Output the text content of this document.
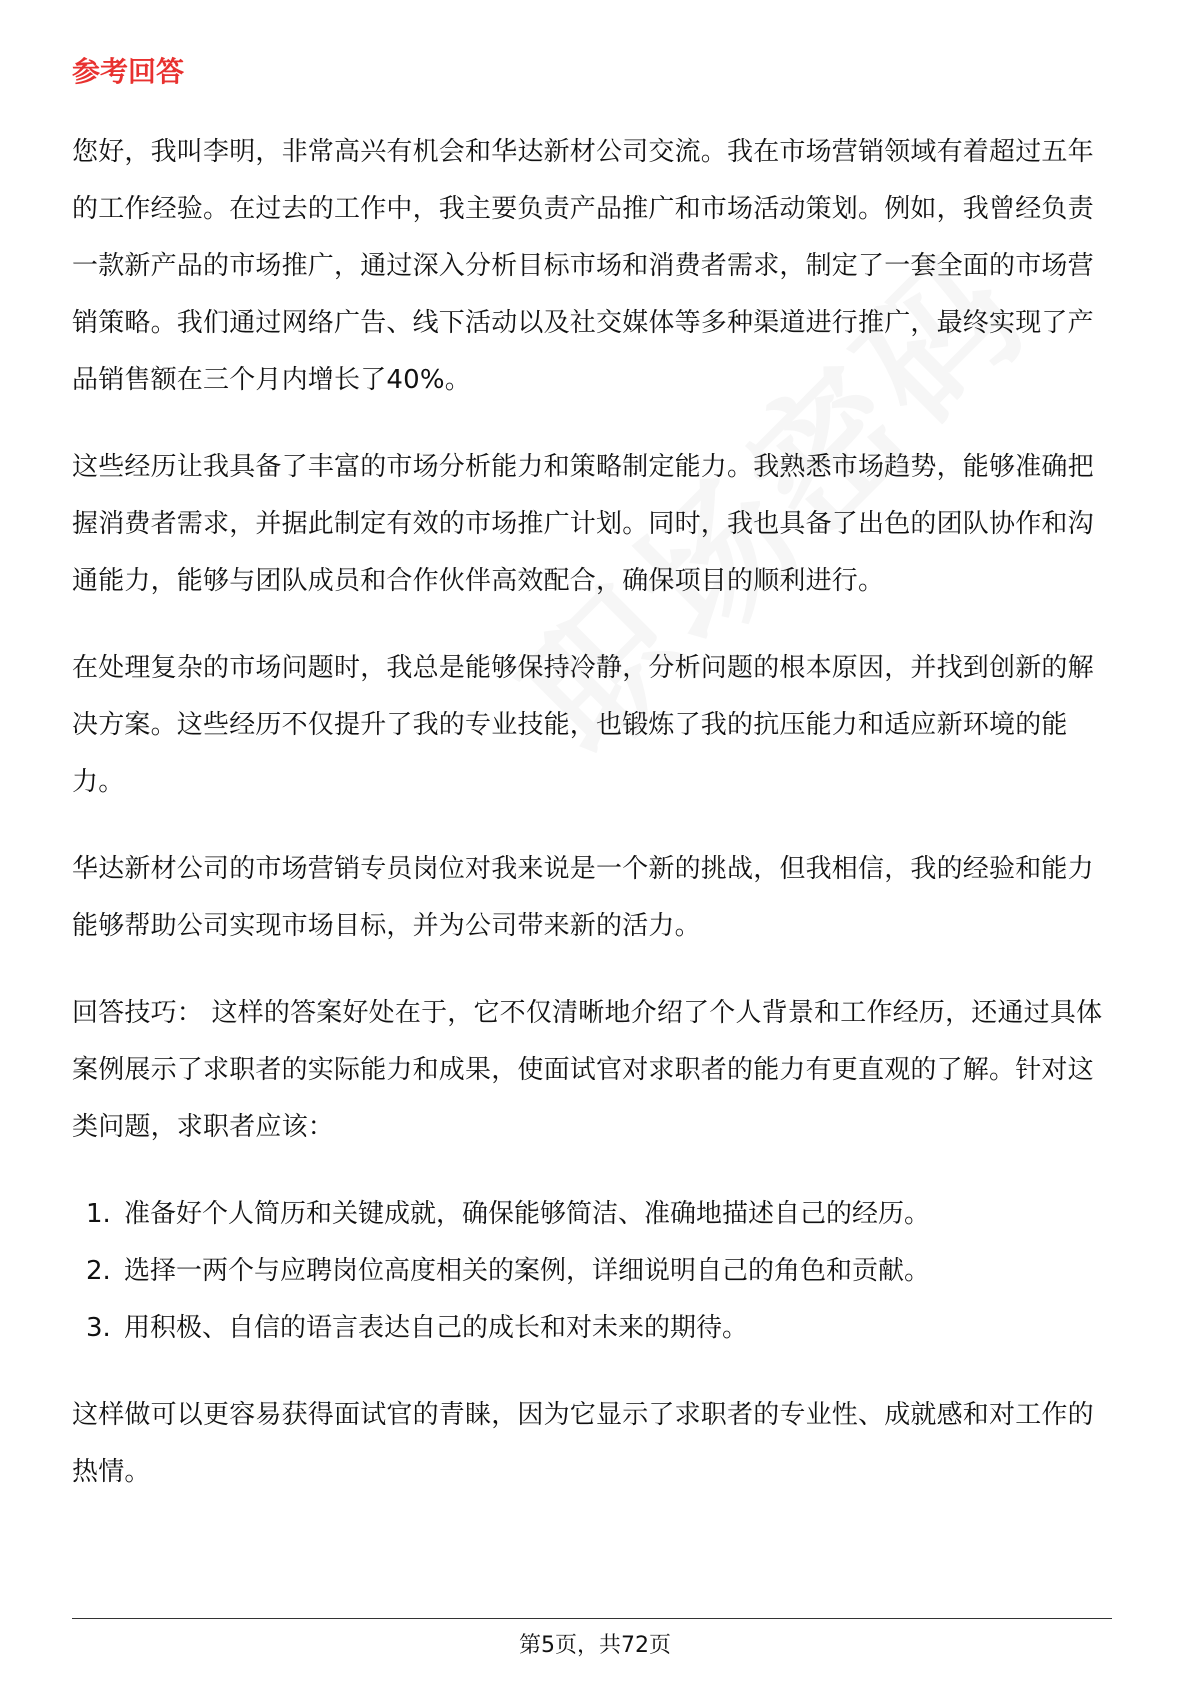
参考回答

您好，我叫李明，非常高兴有机会和华达新材公司交流。我在市场营销领域有着超过五年的工作经验。在过去的工作中，我主要负责产品推广和市场活动策划。例如，我曾经负责一款新产品的市场推广，通过深入分析目标市场和消费者需求，制定了一套全面的市场营销策略。我们通过网络广告、线下活动以及社交媒体等多种渠道进行推广，最终实现了产品销售额在三个月内增长了40%。

这些经历让我具备了丰富的市场分析能力和策略制定能力。我熟悉市场趋势，能够准确把握消费者需求，并据此制定有效的市场推广计划。同时，我也具备了出色的团队协作和沟通能力，能够与团队成员和合作伙伴高效配合，确保项目的顺利进行。

在处理复杂的市场问题时，我总是能够保持冷静，分析问题的根本原因，并找到创新的解决方案。这些经历不仅提升了我的专业技能，也锻炼了我的抗压能力和适应新环境的能力。

华达新材公司的市场营销专员岗位对我来说是一个新的挑战，但我相信，我的经验和能力能够帮助公司实现市场目标，并为公司带来新的活力。

回答技巧： 这样的答案好处在于，它不仅清晰地介绍了个人背景和工作经历，还通过具体案例展示了求职者的实际能力和成果，使面试官对求职者的能力有更直观的了解。针对这类问题，求职者应该：

1. 准备好个人简历和关键成就，确保能够简洁、准确地描述自己的经历。
2. 选择一两个与应聘岗位高度相关的案例，详细说明自己的角色和贡献。
3. 用积极、自信的语言表达自己的成长和对未来的期待。

这样做可以更容易获得面试官的青睐，因为它显示了求职者的专业性、成就感和对工作的热情。

第5页，共72页
